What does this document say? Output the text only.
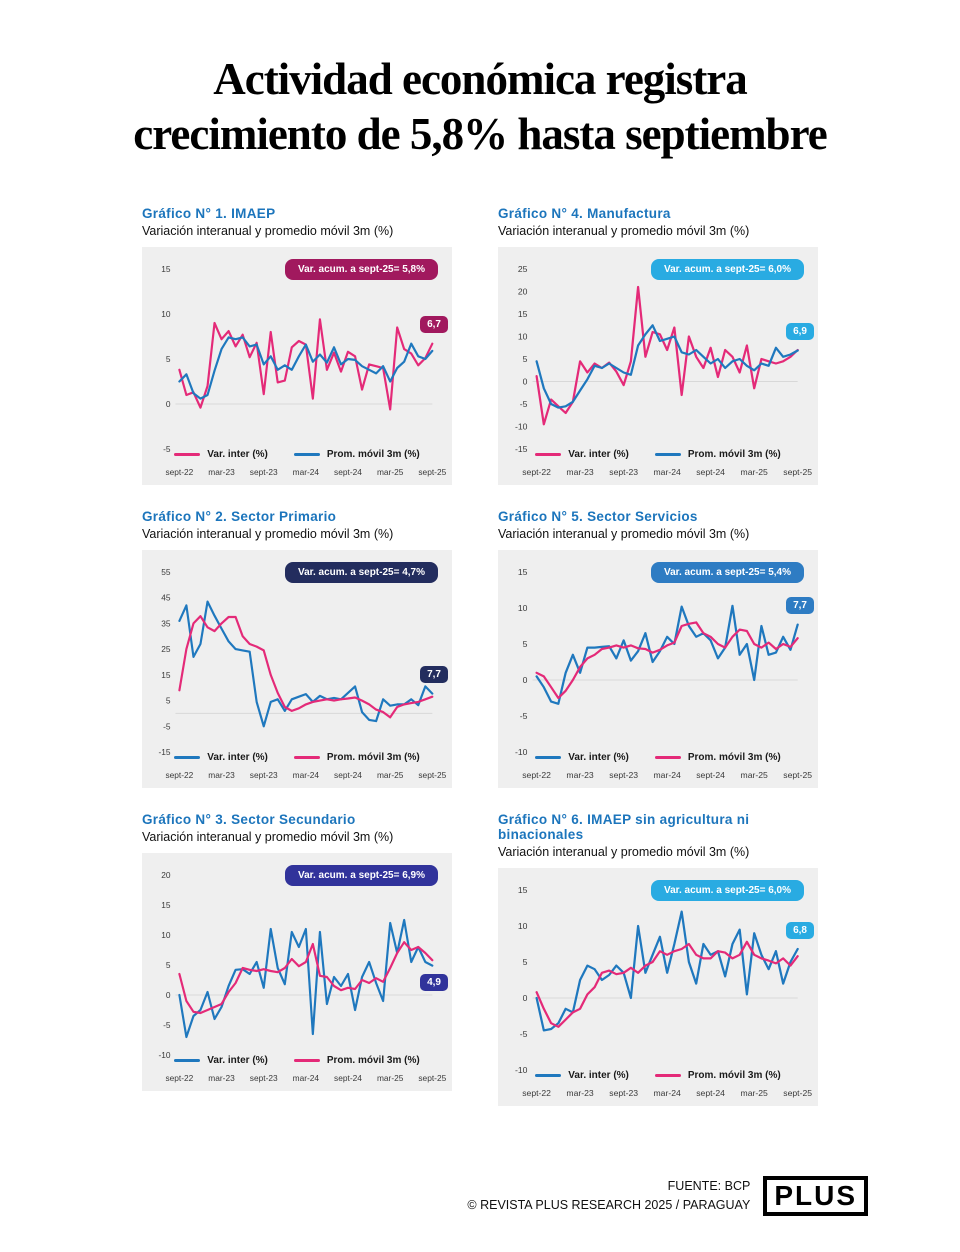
Actividad económica registra
crecimiento de 5,8% hasta septiembre
Gráfico N° 1. IMAEP

Variación interanual y promedio móvil 3m (%)

Var. acum. a sept-25= 5,8%
15
10
5
0
-5
sept-22 mar-23 sept-23 mar-24 sept-24 mar-25 sept-25
6,7
Var. inter (%)	Prom. móvil 3m (%)
Gráfico N° 4. Manufactura

Variación interanual y promedio móvil 3m (%)

Var. acum. a sept-25= 6,0%
25
20
15
10
5
0
-5
-10
-15
sept-22 mar-23 sept-23 mar-24 sept-24 mar-25 sept-25
6,9
Var. inter (%)	Prom. móvil 3m (%)
Gráfico N° 2. Sector Primario

Variación interanual y promedio móvil 3m (%)

Var. acum. a sept-25= 4,7%
55
45
35
25
15
5
-5
-15
sept-22 mar-23 sept-23 mar-24 sept-24 mar-25 sept-25
7,7
Var. inter (%)	Prom. móvil 3m (%)
Gráfico N° 5. Sector Servicios

Variación interanual y promedio móvil 3m (%)

Var. acum. a sept-25= 5,4%
15
10
5
0
-5
-10
sept-22 mar-23 sept-23 mar-24 sept-24 mar-25 sept-25
7,7
Var. inter (%)	Prom. móvil 3m (%)
Gráfico N° 3. Sector Secundario

Variación interanual y promedio móvil 3m (%)

Var. acum. a sept-25= 6,9%
20
15
10
5
0
-5
-10
sept-22 mar-23 sept-23 mar-24 sept-24 mar-25 sept-25
4,9
Var. inter (%)	Prom. móvil 3m (%)
Gráfico N° 6. IMAEP sin agricultura ni binacionales

Variación interanual y promedio móvil 3m (%)

Var. acum. a sept-25= 6,0%
15
10
5
0
-5
-10
sept-22 mar-23 sept-23 mar-24 sept-24 mar-25 sept-25
6,8
Var. inter (%)	Prom. móvil 3m (%)
FUENTE: BCP
© REVISTA PLUS RESEARCH 2025 / PARAGUAY PLUS
